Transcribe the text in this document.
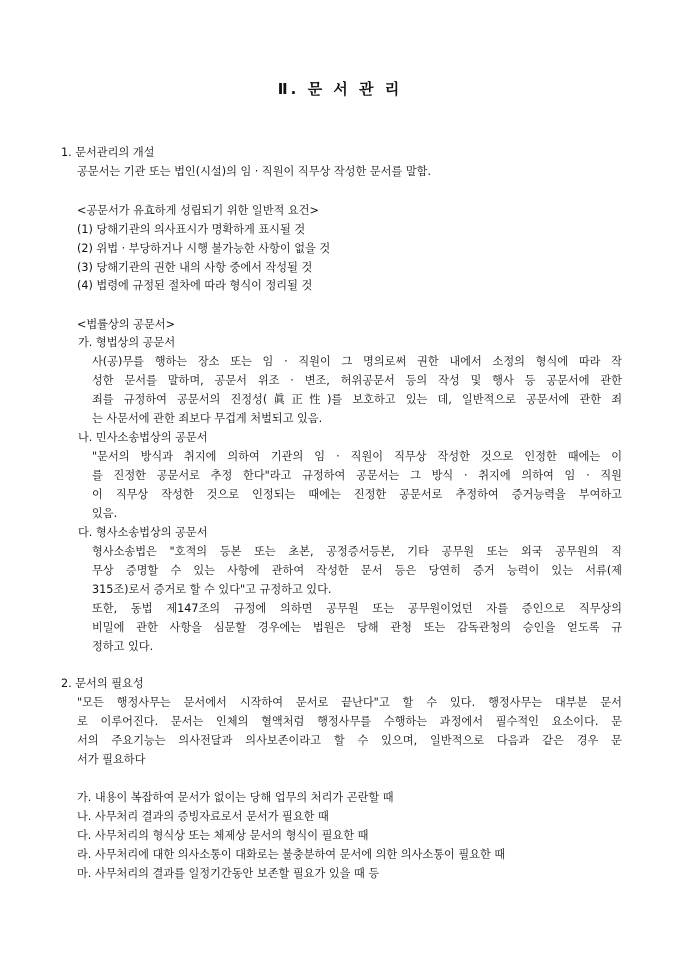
Ⅱ. 문 서 관 리
1. 문서관리의 개설
공문서는 기관 또는 법인(시설)의 임 · 직원이 직무상 작성한 문서를 말함.
<공문서가 유효하게 성립되기 위한 일반적 요건>
(1) 당해기관의 의사표시가 명확하게 표시될 것
(2) 위법 · 부당하거나 시행 불가능한 사항이 없을 것
(3) 당해기관의 권한 내의 사항 중에서 작성될 것
(4) 법령에 규정된 절차에 따라 형식이 정리될 것
<법률상의 공문서>
가. 형법상의 공문서
사(공)무를 행하는 장소 또는 임 · 직원이 그 명의로써 권한 내에서 소정의 형식에 따라 작
성한 문서를 말하며, 공문서 위조 · 변조, 허위공문서 등의 작성 및 행사 등 공문서에 관한
죄를 규정하여 공문서의 진정성(眞正性)를 보호하고 있는 데, 일반적으로 공문서에 관한 죄
는 사문서에 관한 죄보다 무겁게 처벌되고 있음.
나. 민사소송법상의 공문서
"문서의 방식과 취지에 의하여 기관의 임 · 직원이 직무상 작성한 것으로 인정한 때에는 이
를 진정한 공문서로 추정 한다"라고 규정하여 공문서는 그 방식 · 취지에 의하여 임 · 직원
이 직무상 작성한 것으로 인정되는 때에는 진정한 공문서로 추정하여 증거능력을 부여하고
있음.
다. 형사소송법상의 공문서
형사소송법은 "호적의 등본 또는 초본, 공정증서등본, 기타 공무원 또는 외국 공무원의 직
무상 증명할 수 있는 사항에 관하여 작성한 문서 등은 당연히 증거 능력이 있는 서류(제
315조)로서 증거로 할 수 있다"고 규정하고 있다.
또한, 동법 제147조의 규정에 의하면 공무원 또는 공무원이었던 자를 증인으로 직무상의
비밀에 관한 사항을 심문할 경우에는 법원은 당해 관청 또는 감독관청의 승인을 얻도록 규
정하고 있다.
2. 문서의 필요성
"모든 행정사무는 문서에서 시작하여 문서로 끝난다"고 할 수 있다. 행정사무는 대부분 문서
로 이루어진다. 문서는 인체의 혈액처럼 행정사무를 수행하는 과정에서 필수적인 요소이다. 문
서의 주요기능는 의사전달과 의사보존이라고 할 수 있으며, 일반적으로 다음과 같은 경우 문
서가 필요하다
가. 내용이 복잡하여 문서가 없이는 당해 업무의 처리가 곤란할 때
나. 사무처리 결과의 증빙자료로서 문서가 필요한 때
다. 사무처리의 형식상 또는 체제상 문서의 형식이 필요한 때
라. 사무처리에 대한 의사소통이 대화로는 불충분하여 문서에 의한 의사소통이 필요한 때
마. 사무처리의 결과를 일정기간동안 보존할 필요가 있을 때 등
